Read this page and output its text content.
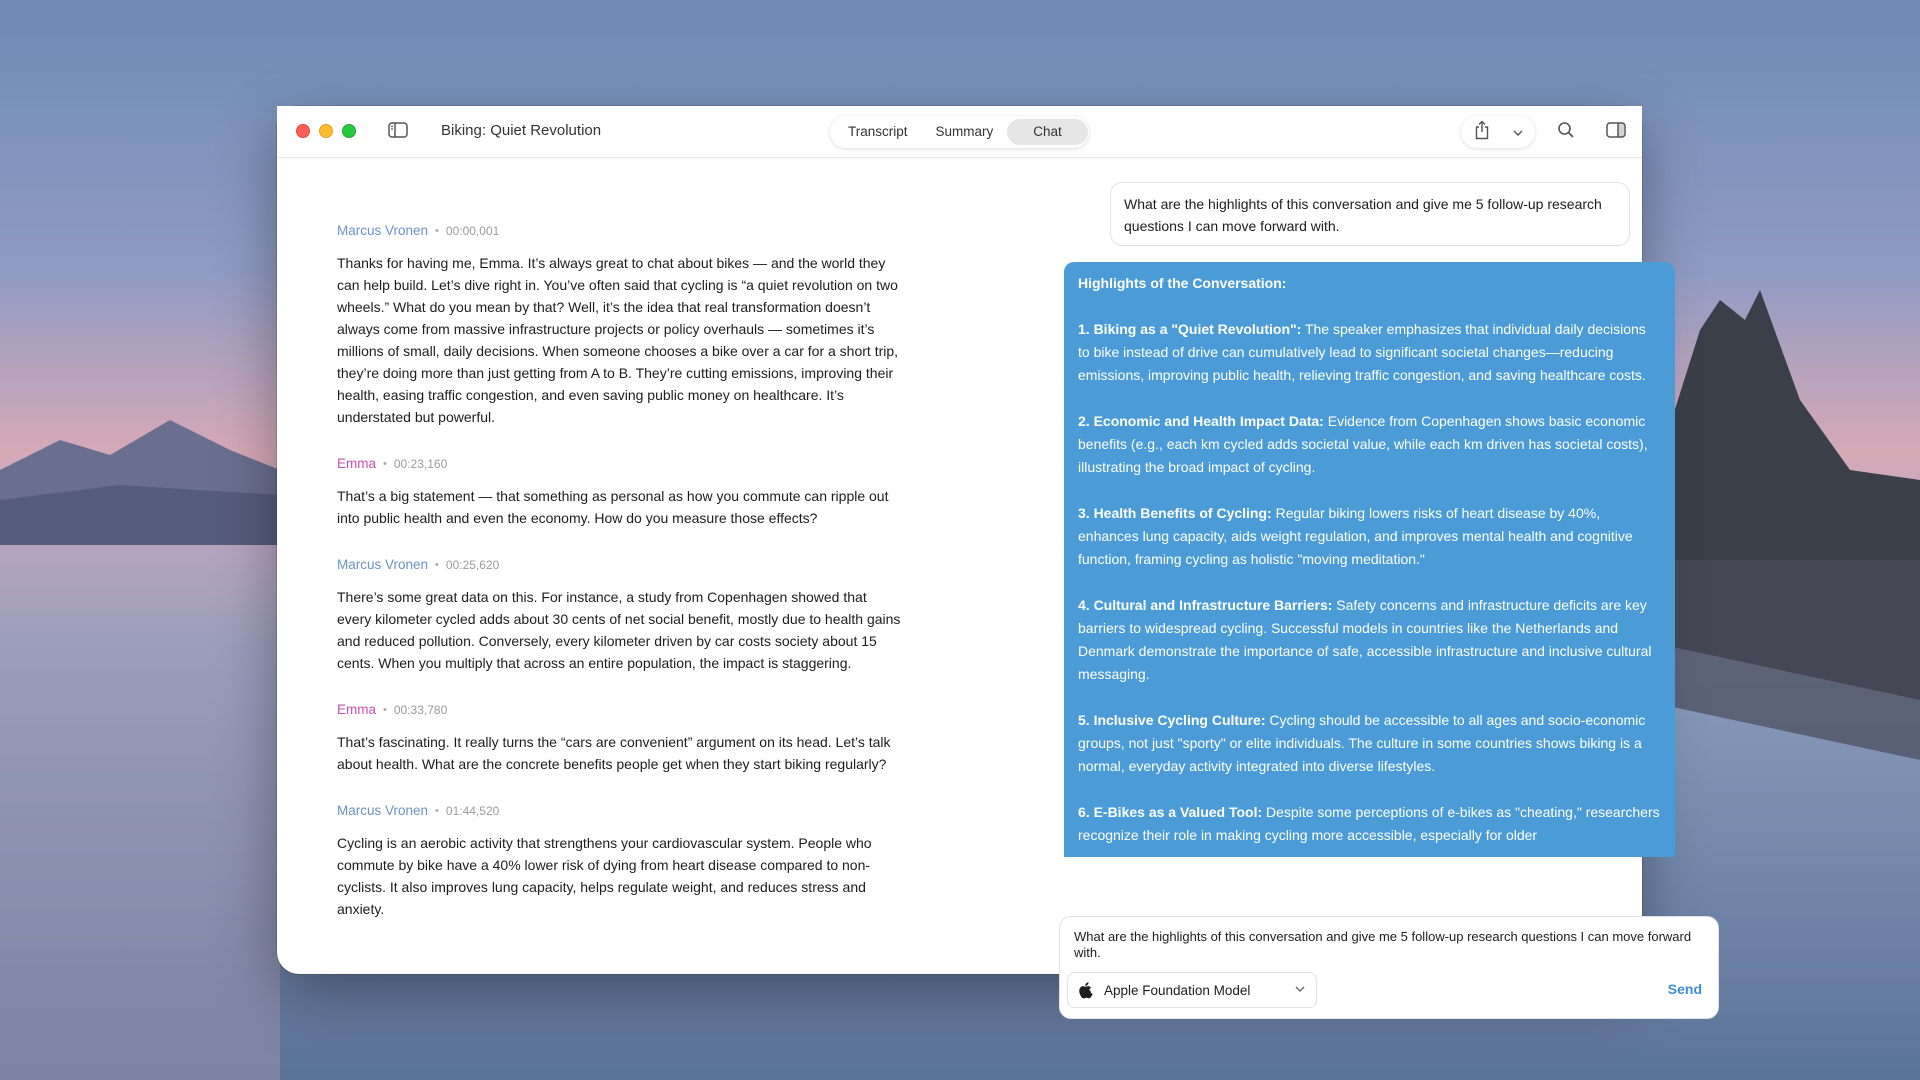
Biking: Quiet Revolution	Transcript	Summary	Chat
Marcus Vronen • 00:00,001
Thanks for having me, Emma. It’s always great to chat about bikes — and the world they can help build. Let’s dive right in. You’ve often said that cycling is “a quiet revolution on two wheels.” What do you mean by that? Well, it’s the idea that real transformation doesn’t always come from massive infrastructure projects or policy overhauls — sometimes it’s millions of small, daily decisions. When someone chooses a bike over a car for a short trip, they’re doing more than just getting from A to B. They’re cutting emissions, improving their health, easing traffic congestion, and even saving public money on healthcare. It’s understated but powerful.
Emma • 00:23,160
That’s a big statement — that something as personal as how you commute can ripple out into public health and even the economy. How do you measure those effects?
Marcus Vronen • 00:25,620
There’s some great data on this. For instance, a study from Copenhagen showed that every kilometer cycled adds about 30 cents of net social benefit, mostly due to health gains and reduced pollution. Conversely, every kilometer driven by car costs society about 15 cents. When you multiply that across an entire population, the impact is staggering.
Emma • 00:33,780
That’s fascinating. It really turns the “cars are convenient” argument on its head. Let’s talk about health. What are the concrete benefits people get when they start biking regularly?
Marcus Vronen • 01:44,520
Cycling is an aerobic activity that strengthens your cardiovascular system. People who commute by bike have a 40% lower risk of dying from heart disease compared to non-cyclists. It also improves lung capacity, helps regulate weight, and reduces stress and anxiety.
What are the highlights of this conversation and give me 5 follow-up research questions I can move forward with.
Highlights of the Conversation:
1. Biking as a "Quiet Revolution": The speaker emphasizes that individual daily decisions to bike instead of drive can cumulatively lead to significant societal changes—reducing emissions, improving public health, relieving traffic congestion, and saving healthcare costs.
2. Economic and Health Impact Data: Evidence from Copenhagen shows basic economic benefits (e.g., each km cycled adds societal value, while each km driven has societal costs), illustrating the broad impact of cycling.
3. Health Benefits of Cycling: Regular biking lowers risks of heart disease by 40%, enhances lung capacity, aids weight regulation, and improves mental health and cognitive function, framing cycling as holistic "moving meditation."
4. Cultural and Infrastructure Barriers: Safety concerns and infrastructure deficits are key barriers to widespread cycling. Successful models in countries like the Netherlands and Denmark demonstrate the importance of safe, accessible infrastructure and inclusive cultural messaging.
5. Inclusive Cycling Culture: Cycling should be accessible to all ages and socio-economic groups, not just "sporty" or elite individuals. The culture in some countries shows biking is a normal, everyday activity integrated into diverse lifestyles.
6. E-Bikes as a Valued Tool: Despite some perceptions of e-bikes as "cheating," researchers recognize their role in making cycling more accessible, especially for older
What are the highlights of this conversation and give me 5 follow-up research questions I can move forward with.
Apple Foundation Model	Send
